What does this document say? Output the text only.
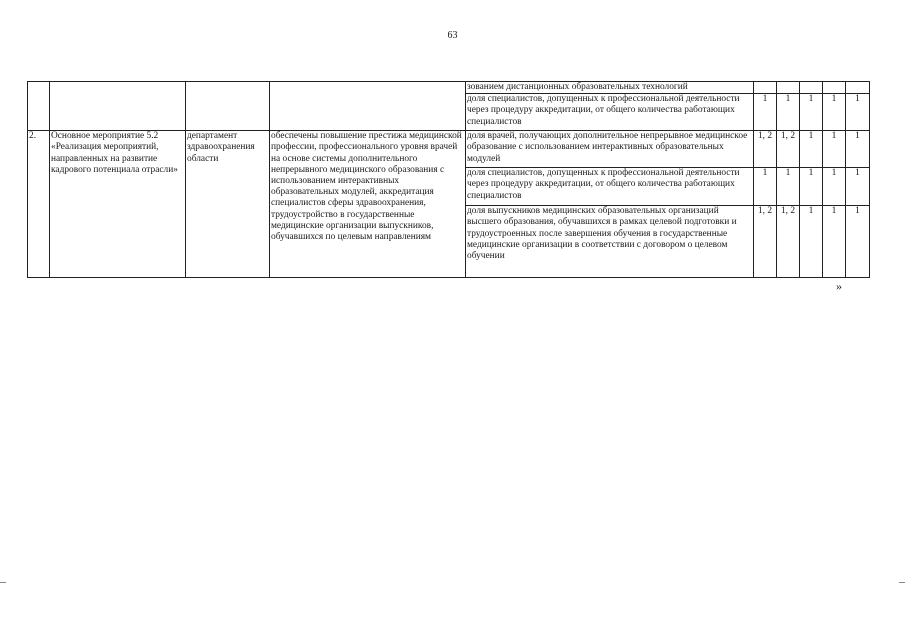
63
				зованием дистанционных образовательных технологий					
				доля специалистов, допущенных к профессиональной деятельности через процедуру аккредитации, от общего количества работающих специалистов	1	1	1	1	1
2.	Основное мероприятие 5.2 «Реализация мероприятий, направленных на развитие кадрового потенциала отрасли»	департамент здравоохранения области	обеспечены повышение престижа медицинской профессии, профессионального уровня врачей на основе системы дополнительного непрерывного медицинского образования с использованием интерактивных образовательных модулей, аккредитация специалистов сферы здравоохранения, трудоустройство в государственные медицинские организации выпускников, обучавшихся по целевым направлениям	доля врачей, получающих дополнительное непрерывное медицинское образование с использованием интерактивных образовательных модулей	1, 2	1, 2	1	1	1
				доля специалистов, допущенных к профессиональной деятельности через процедуру аккредитации, от общего количества работающих специалистов	1	1	1	1	1
				доля выпускников медицинских образовательных организаций высшего образования, обучавшихся в рамках целевой подготовки и трудоустроенных после завершения обучения в государственные медицинские организации в соответствии с договором о целевом обучении	1, 2	1, 2	1	1	1
»
